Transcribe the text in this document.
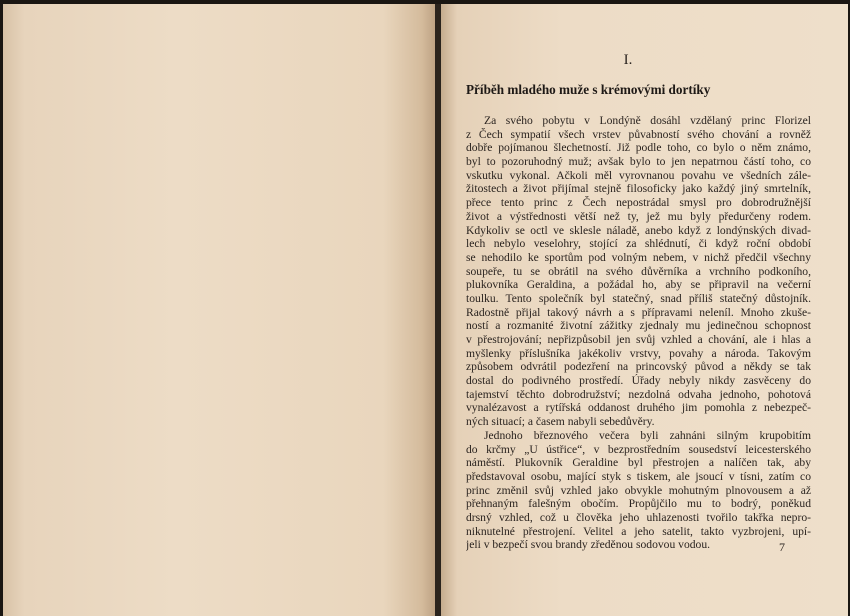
I.
Příběh mladého muže s krémovými dortíky
Za svého pobytu v Londýně dosáhl vzdělaný princ Florizel
z Čech sympatií všech vrstev půvabností svého chování a rovněž
dobře pojímanou šlechetností. Již podle toho, co bylo o něm známo,
byl to pozoruhodný muž; avšak bylo to jen nepatrnou částí toho, co
vskutku vykonal. Ačkoli měl vyrovnanou povahu ve všedních zále-
žitostech a život přijímal stejně filosoficky jako každý jiný smrtelník,
přece tento princ z Čech nepostrádal smysl pro dobrodružnější
život a výstřednosti větší než ty, jež mu byly předurčeny rodem.
Kdykoliv se octl ve sklesle náladě, anebo když z londýnských divad-
lech nebylo veselohry, stojící za shlédnutí, či když roční období
se nehodilo ke sportům pod volným nebem, v nichž předčil všechny
soupeře, tu se obrátil na svého důvěrníka a vrchního podkoního,
plukovníka Geraldina, a požádal ho, aby se připravil na večerní
toulku. Tento společník byl statečný, snad příliš statečný důstojník.
Radostně přijal takový návrh a s přípravami neleníl. Mnoho zkuše-
ností a rozmanité životní zážitky zjednaly mu jedinečnou schopnost
v přestrojování; nepřizpůsobil jen svůj vzhled a chování, ale i hlas a
myšlenky příslušníka jakékoliv vrstvy, povahy a národa. Takovým
způsobem odvrátil podezření na princovský původ a někdy se tak
dostal do podivného prostředí. Úřady nebyly nikdy zasvěceny do
tajemství těchto dobrodružství; nezdolná odvaha jednoho, pohotová
vynalézavost a rytířská oddanost druhého jim pomohla z nebezpeč-
ných situací; a časem nabyli sebedůvěry.
Jednoho březnového večera byli zahnáni silným krupobitím
do krčmy „U ústřice“, v bezprostředním sousedství leicesterského
náměstí. Plukovník Geraldine byl přestrojen a nalíčen tak, aby
představoval osobu, mající styk s tiskem, ale jsoucí v tísni, zatím co
princ změnil svůj vzhled jako obvykle mohutným plnovousem a až
přehnaným falešným obočím. Propůjčilo mu to bodrý, poněkud
drsný vzhled, což u člověka jeho uhlazenosti tvořilo takřka nepro-
niknutelné přestrojení. Velitel a jeho satelit, takto vyzbrojeni, upí-
jeli v bezpečí svou brandy zředěnou sodovou vodou.	7
